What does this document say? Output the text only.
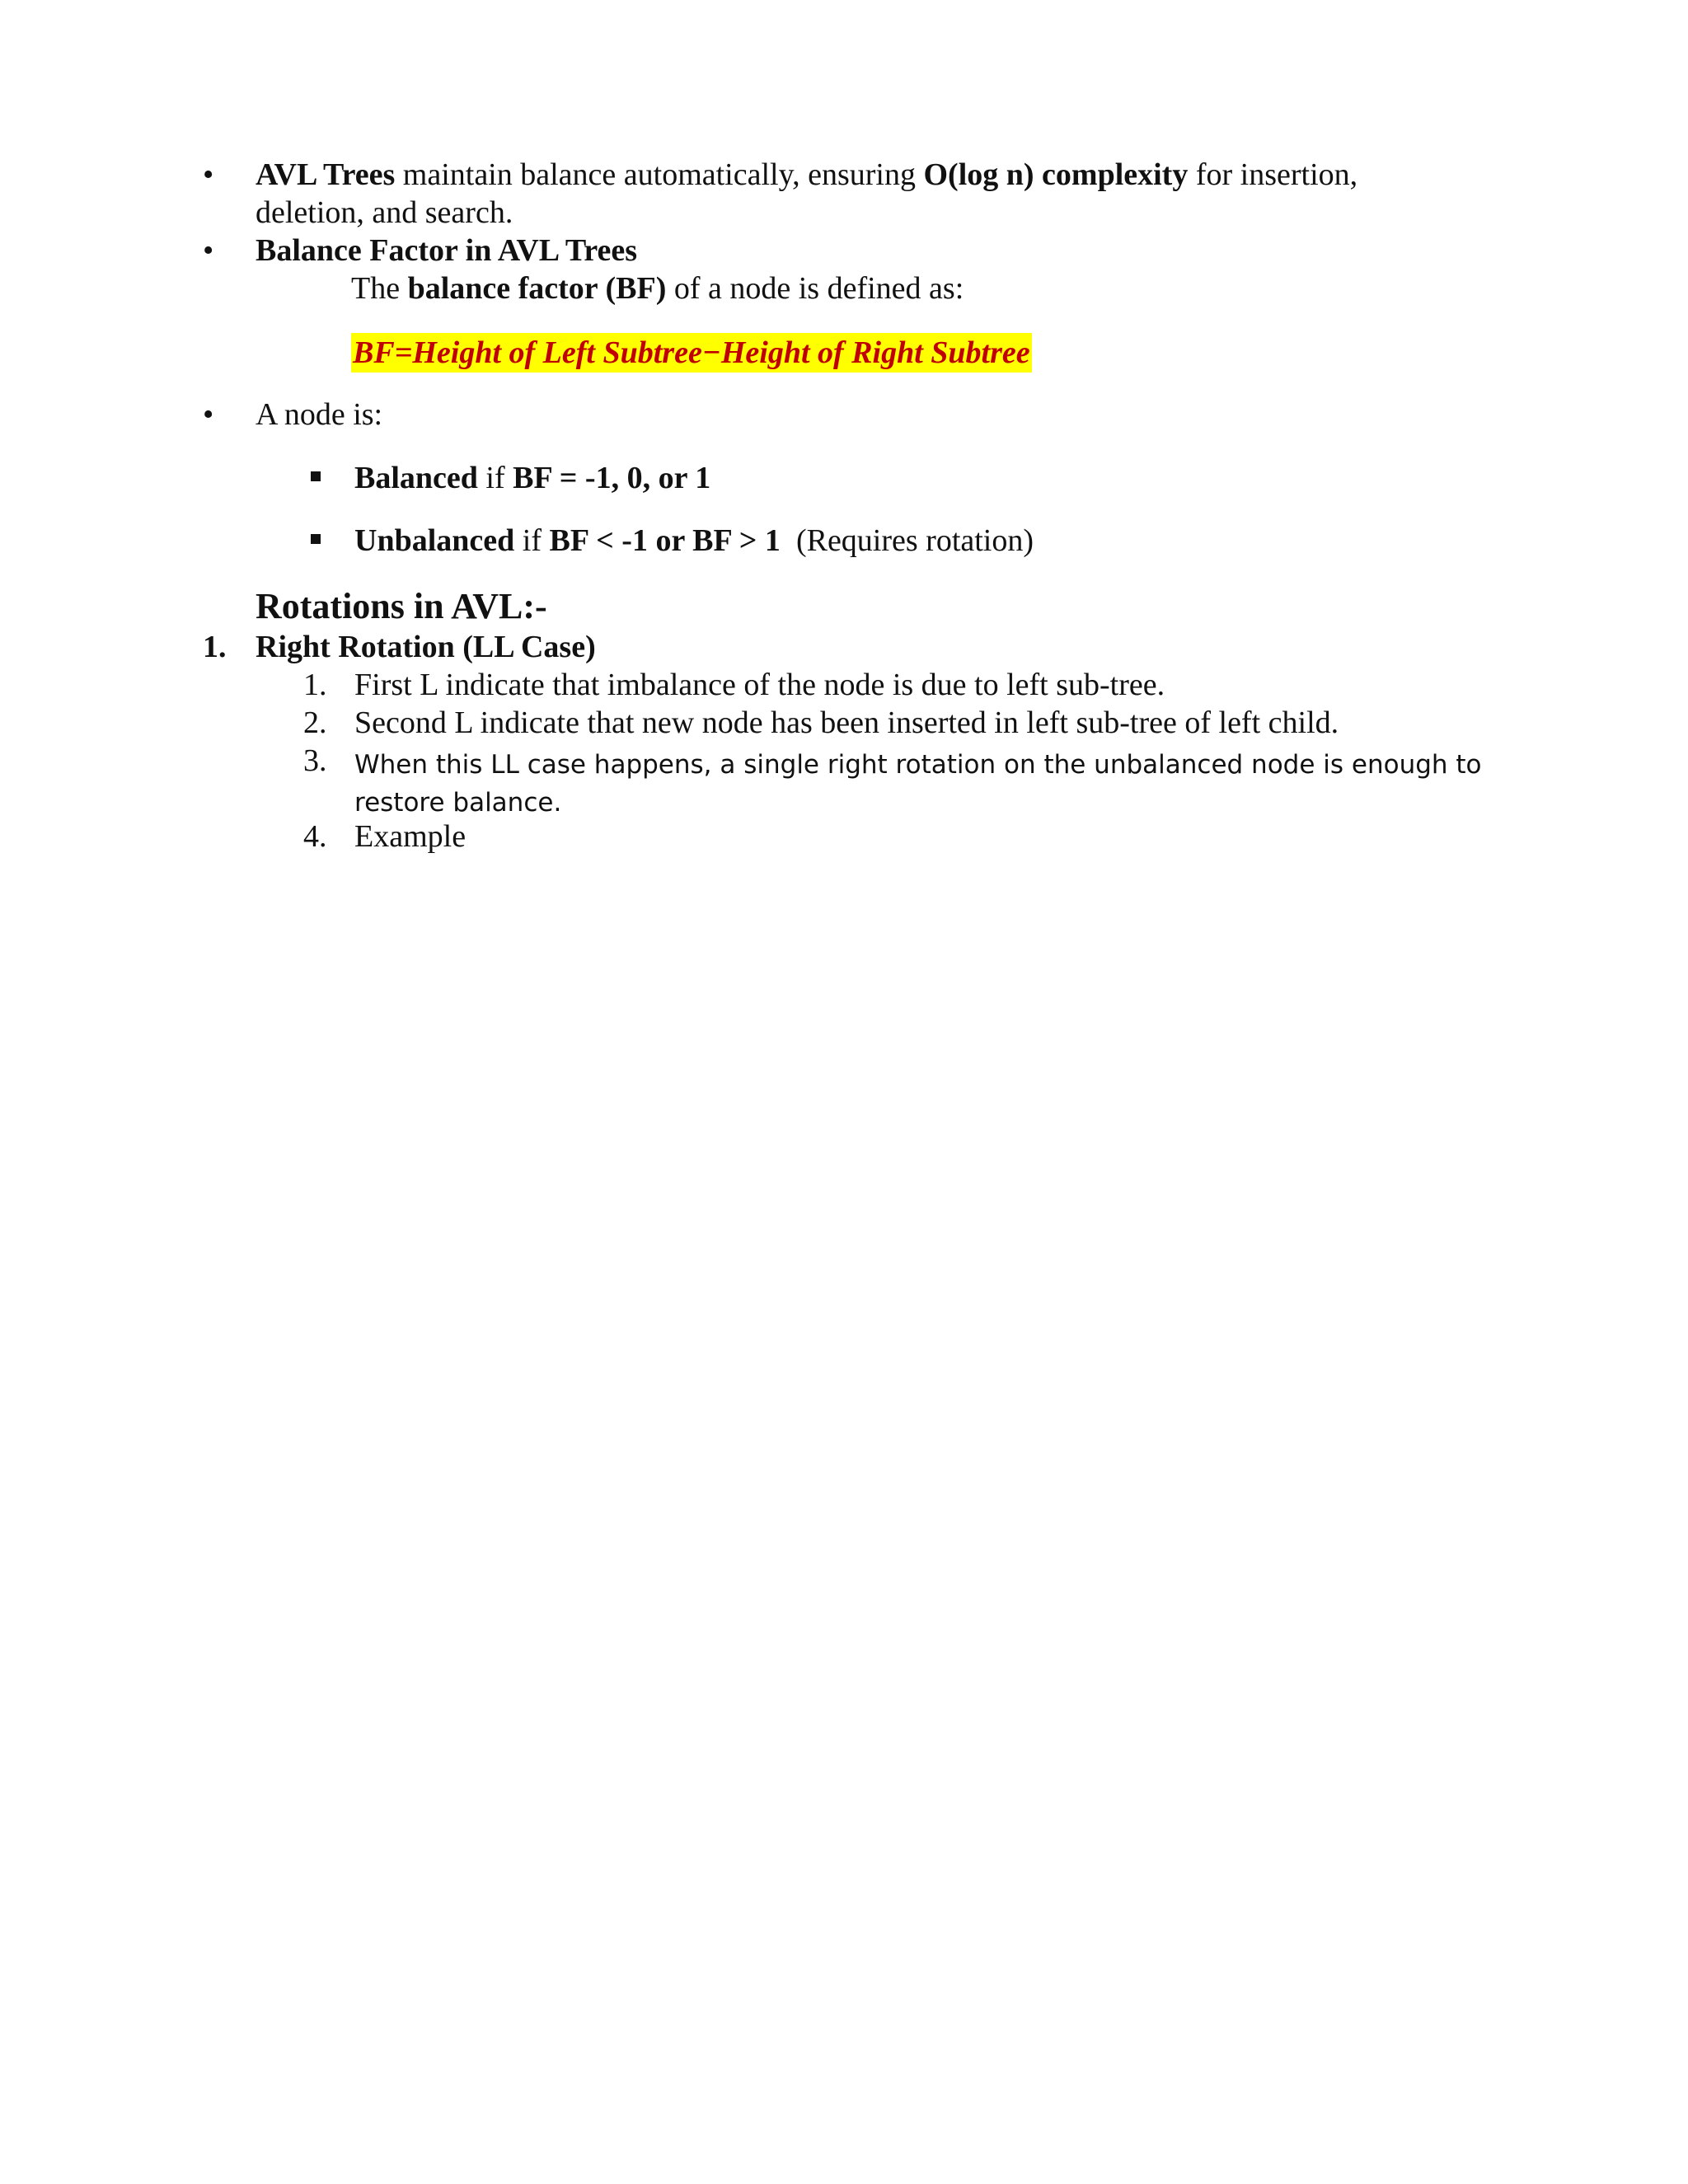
• AVL Trees maintain balance automatically, ensuring O(log n) complexity for insertion,
deletion, and search.
• Balance Factor in AVL Trees
The balance factor (BF) of a node is defined as:
BF=Height of Left Subtree−Height of Right Subtree
• A node is:
Balanced if BF = -1, 0, or 1
Unbalanced if BF < -1 or BF > 1  (Requires rotation)
Rotations in AVL:-
1. Right Rotation (LL Case)
1. First L indicate that imbalance of the node is due to left sub-tree.
2. Second L indicate that new node has been inserted in left sub-tree of left child.
3. When this LL case happens, a single right rotation on the unbalanced node is enough to
restore balance.
4. Example
